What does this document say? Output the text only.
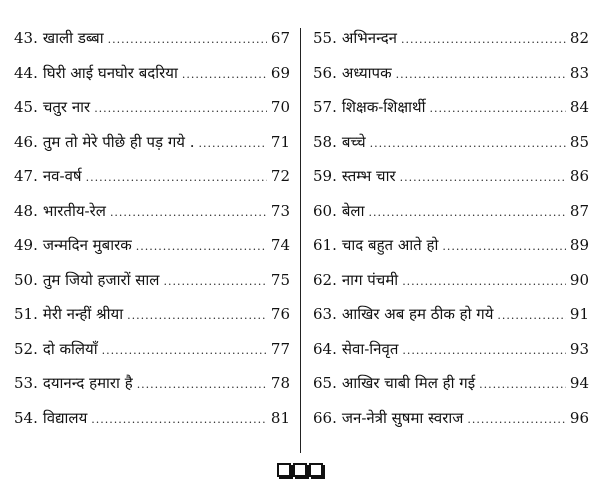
43. खाली डब्बा .....	67
44. घिरी आई घनघोर बदरिया .....	69
45. चतुर नार .....	70
46. तुम तो मेरे पीछे ही पड़ गये . .....	71
47. नव-वर्ष .....	72
48. भारतीय-रेल .....	73
49. जन्मदिन मुबारक .....	74
50. तुम जियो हजारों साल .....	75
51. मेरी नन्हीं श्रीया .....	76
52. दो कलियाँ .....	77
53. दयानन्द हमारा है .....	78
54. विद्यालय .....	81
55. अभिनन्दन .....	82
56. अध्यापक .....	83
57. शिक्षक-शिक्षार्थी .....	84
58. बच्चे .....	85
59. स्तम्भ चार .....	86
60. बेला .....	87
61. चाद बहुत आते हो .....	89
62. नाग पंचमी .....	90
63. आखिर अब हम ठीक हो गये .....	91
64. सेवा-निवृत .....	93
65. आखिर चाबी मिल ही गई .....	94
66. जन-नेत्री सुषमा स्वराज .....	96
